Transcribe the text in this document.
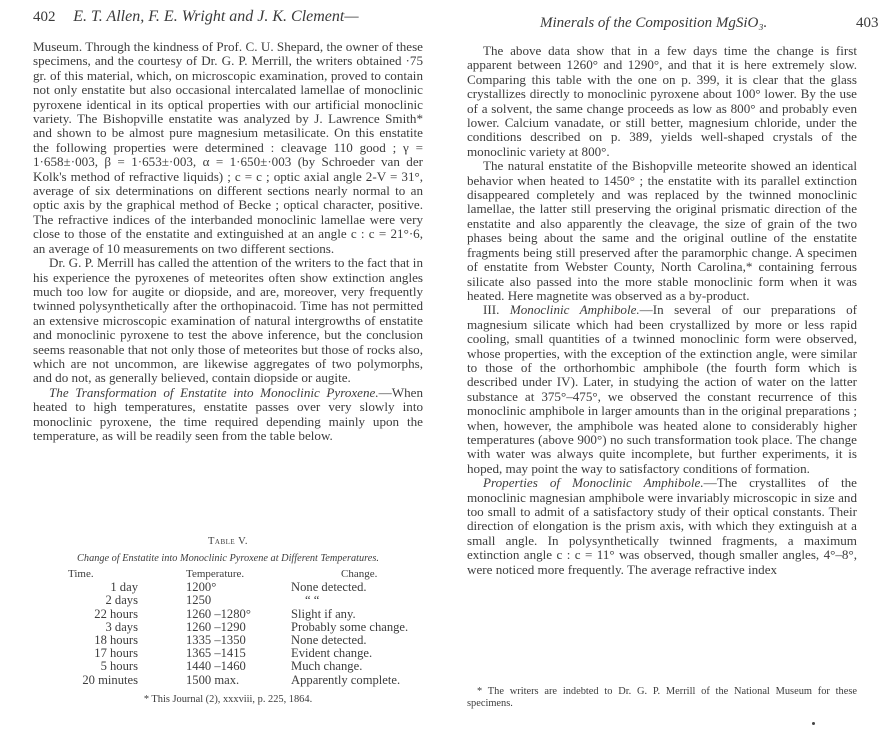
402 E. T. Allen, F. E. Wright and J. K. Clement—

Museum. Through the kindness of Prof. C. U. Shepard, the owner of these specimens, and the courtesy of Dr. G. P. Merrill, the writers obtained ·75 gr. of this material, which, on microscopic examination, proved to contain not only enstatite but also occasional intercalated lamellae of monoclinic pyroxene identical in its optical properties with our artificial monoclinic variety. The Bishopville enstatite was analyzed by J. Lawrence Smith* and shown to be almost pure magnesium metasilicate. On this enstatite the following properties were determined : cleavage 110 good ; γ = 1·658±·003, β = 1·653±·003, α = 1·650±·003 (by Schroeder van der Kolk's method of refractive liquids) ; c = c ; optic axial angle 2-V = 31°, average of six determinations on different sections nearly normal to an optic axis by the graphical method of Becke ; optical character, positive. The refractive indices of the interbanded monoclinic lamellae were very close to those of the enstatite and extinguished at an angle c : c = 21°·6, an average of 10 measurements on two different sections.

Dr. G. P. Merrill has called the attention of the writers to the fact that in his experience the pyroxenes of meteorites often show extinction angles much too low for augite or diopside, and are, moreover, very frequently twinned polysynthetically after the orthopinacoid. Time has not permitted an extensive microscopic examination of natural intergrowths of enstatite and monoclinic pyroxene to test the above inference, but the conclusion seems reasonable that not only those of meteorites but those of rocks also, which are not uncommon, are likewise aggregates of two polymorphs, and do not, as generally believed, contain diopside or augite.

The Transformation of Enstatite into Monoclinic Pyroxene.—When heated to high temperatures, enstatite passes over very slowly into monoclinic pyroxene, the time required depending mainly upon the temperature, as will be readily seen from the table below.

Table V.
Change of Enstatite into Monoclinic Pyroxene at Different Temperatures.
Time.	Temperature.	Change.
1 day	1200°	None detected.
2 days	1250	“ “
22 hours	1260 –1280°	Slight if any.
3 days	1260 –1290	Probably some change.
18 hours	1335 –1350	None detected.
17 hours	1365 –1415	Evident change.
5 hours	1440 –1460	Much change.
20 minutes	1500 max.	Apparently complete.
* This Journal (2), xxxviii, p. 225, 1864.
Minerals of the Composition MgSiO₃.	403

The above data show that in a few days time the change is first apparent between 1260° and 1290°, and that it is here extremely slow. Comparing this table with the one on p. 399, it is clear that the glass crystallizes directly to monoclinic pyroxene about 100° lower. By the use of a solvent, the same change proceeds as low as 800° and probably even lower. Calcium vanadate, or still better, magnesium chloride, under the conditions described on p. 389, yields well-shaped crystals of the monoclinic variety at 800°.

The natural enstatite of the Bishopville meteorite showed an identical behavior when heated to 1450° ; the enstatite with its parallel extinction disappeared completely and was replaced by the twinned monoclinic lamellae, the latter still preserving the original prismatic direction of the enstatite and also apparently the cleavage, the size of grain of the two phases being about the same and the original outline of the enstatite fragments being still preserved after the paramorphic change. A specimen of enstatite from Webster County, North Carolina,* containing ferrous silicate also passed into the more stable monoclinic form when it was heated. Here magnetite was observed as a by-product.

III. Monoclinic Amphibole.—In several of our preparations of magnesium silicate which had been crystallized by more or less rapid cooling, small quantities of a twinned monoclinic form were observed, whose properties, with the exception of the extinction angle, were similar to those of the orthorhombic amphibole (the fourth form which is described under IV). Later, in studying the action of water on the latter substance at 375°–475°, we observed the constant recurrence of this monoclinic amphibole in larger amounts than in the original preparations ; when, however, the amphibole was heated alone to considerably higher temperatures (above 900°) no such transformation took place. The change with water was always quite incomplete, but further experiments, it is hoped, may point the way to satisfactory conditions of formation.

Properties of Monoclinic Amphibole.—The crystallites of the monoclinic magnesian amphibole were invariably microscopic in size and too small to admit of a satisfactory study of their optical constants. Their direction of elongation is the prism axis, with which they extinguish at a small angle. In polysynthetically twinned fragments, a maximum extinction angle c : c = 11° was observed, though smaller angles, 4°–8°, were noticed more frequently. The average refractive index

* The writers are indebted to Dr. G. P. Merrill of the National Museum for these specimens.
